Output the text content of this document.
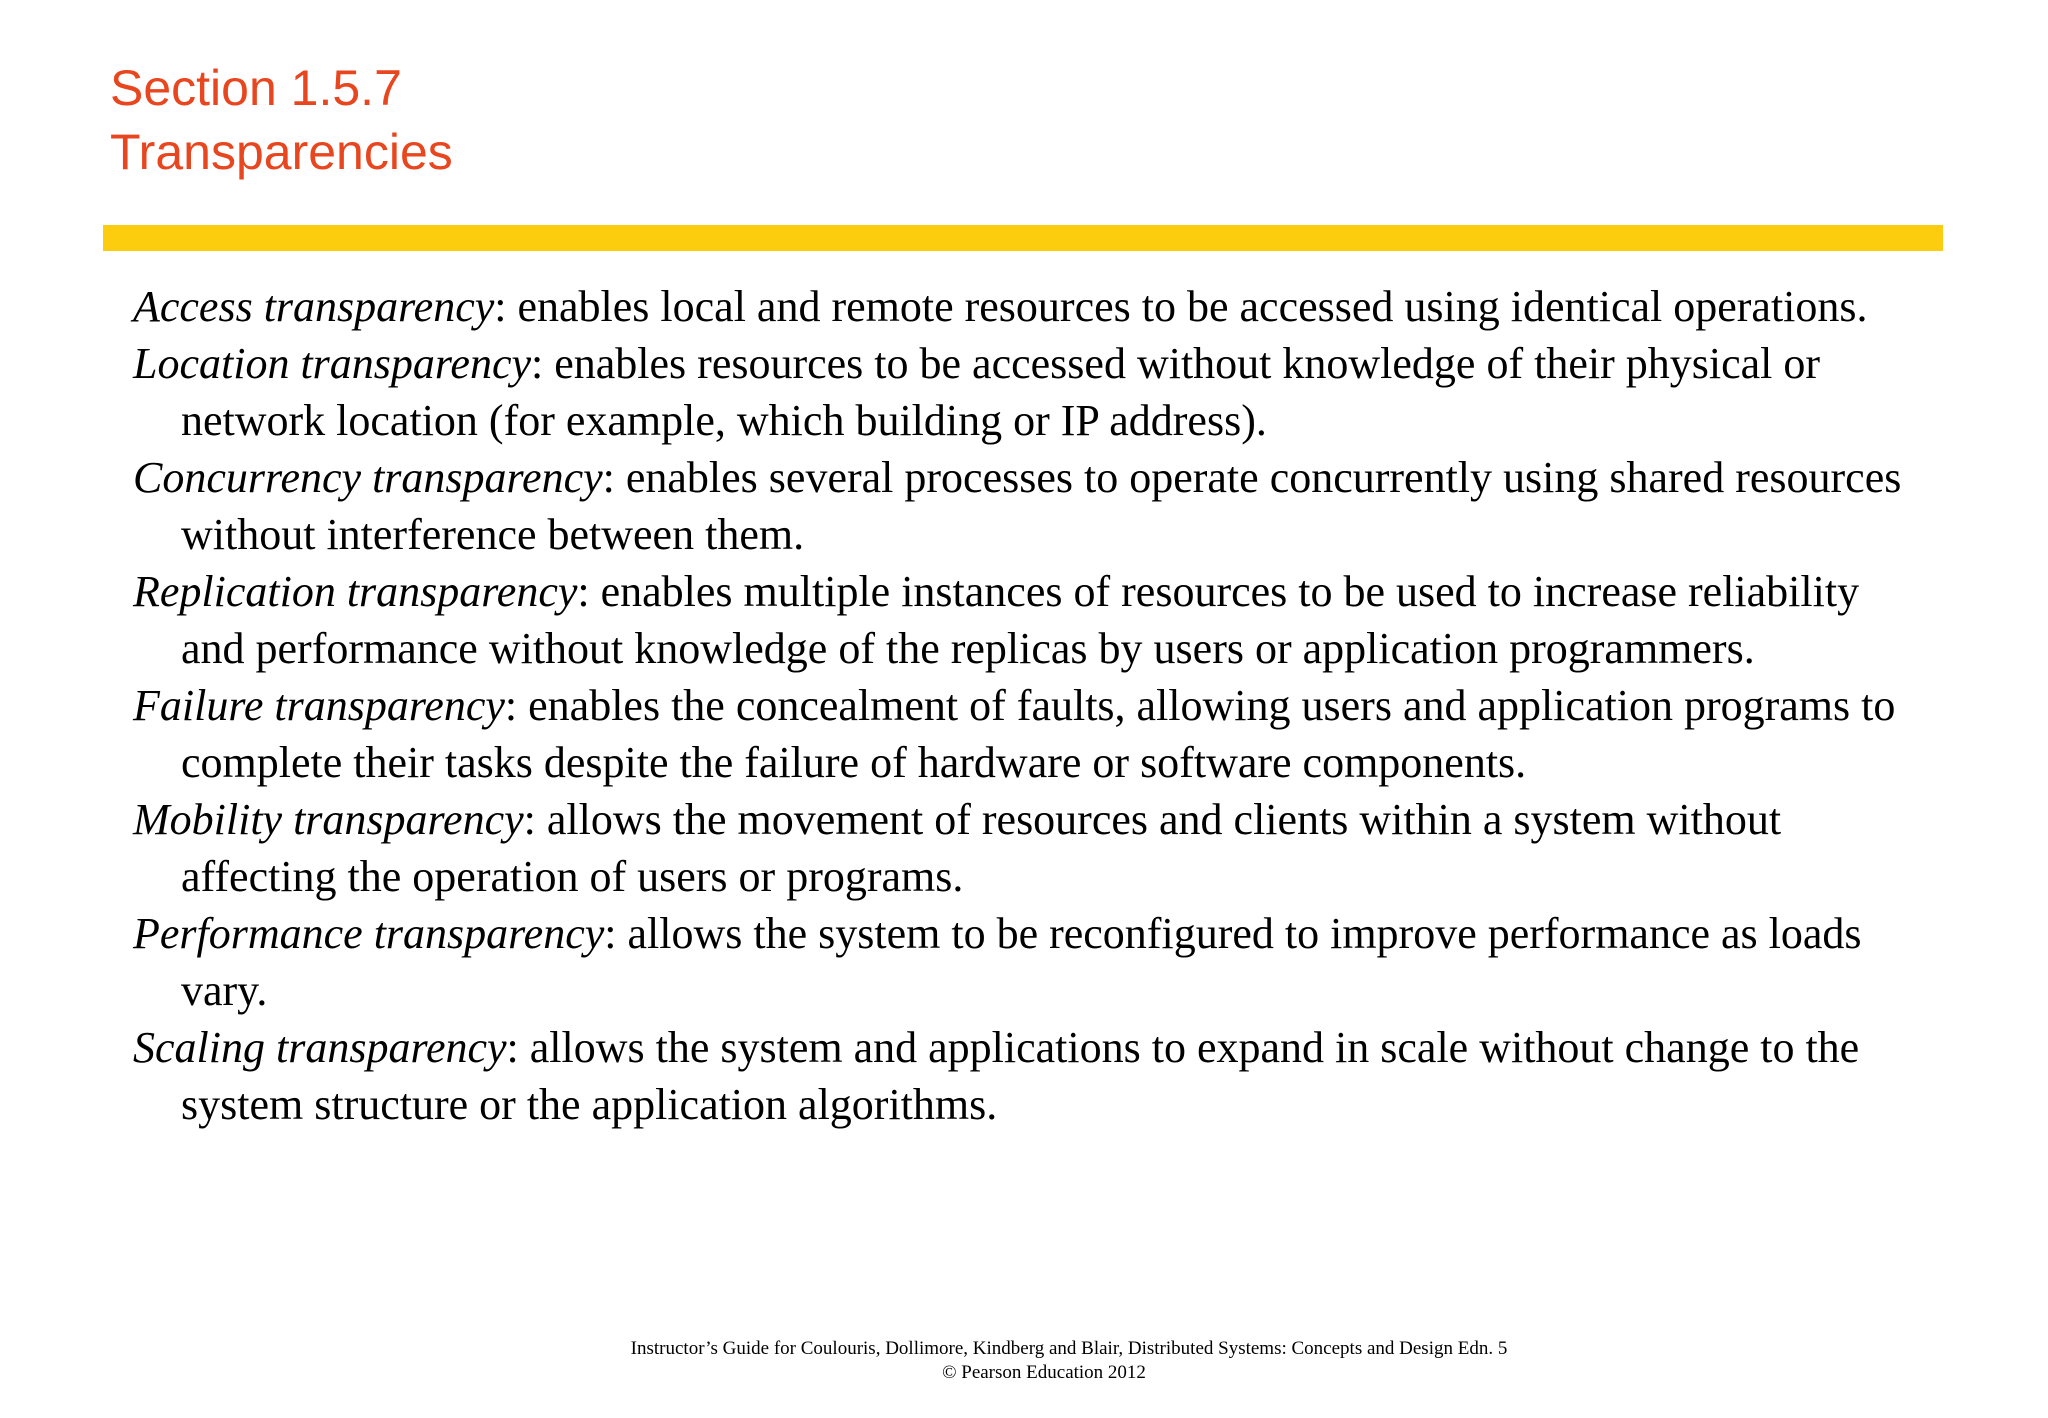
Section 1.5.7
Transparencies
Access transparency: enables local and remote resources to be accessed using identical operations.
Location transparency: enables resources to be accessed without knowledge of their physical or network location (for example, which building or IP address).
Concurrency transparency: enables several processes to operate concurrently using shared resources without interference between them.
Replication transparency: enables multiple instances of resources to be used to increase reliability and performance without knowledge of the replicas by users or application programmers.
Failure transparency: enables the concealment of faults, allowing users and application programs to complete their tasks despite the failure of hardware or software components.
Mobility transparency: allows the movement of resources and clients within a system without affecting the operation of users or programs.
Performance transparency: allows the system to be reconfigured to improve performance as loads vary.
Scaling transparency: allows the system and applications to expand in scale without change to the system structure or the application algorithms.
Instructor’s Guide for Coulouris, Dollimore, Kindberg and Blair, Distributed Systems: Concepts and Design Edn. 5
© Pearson Education 2012
